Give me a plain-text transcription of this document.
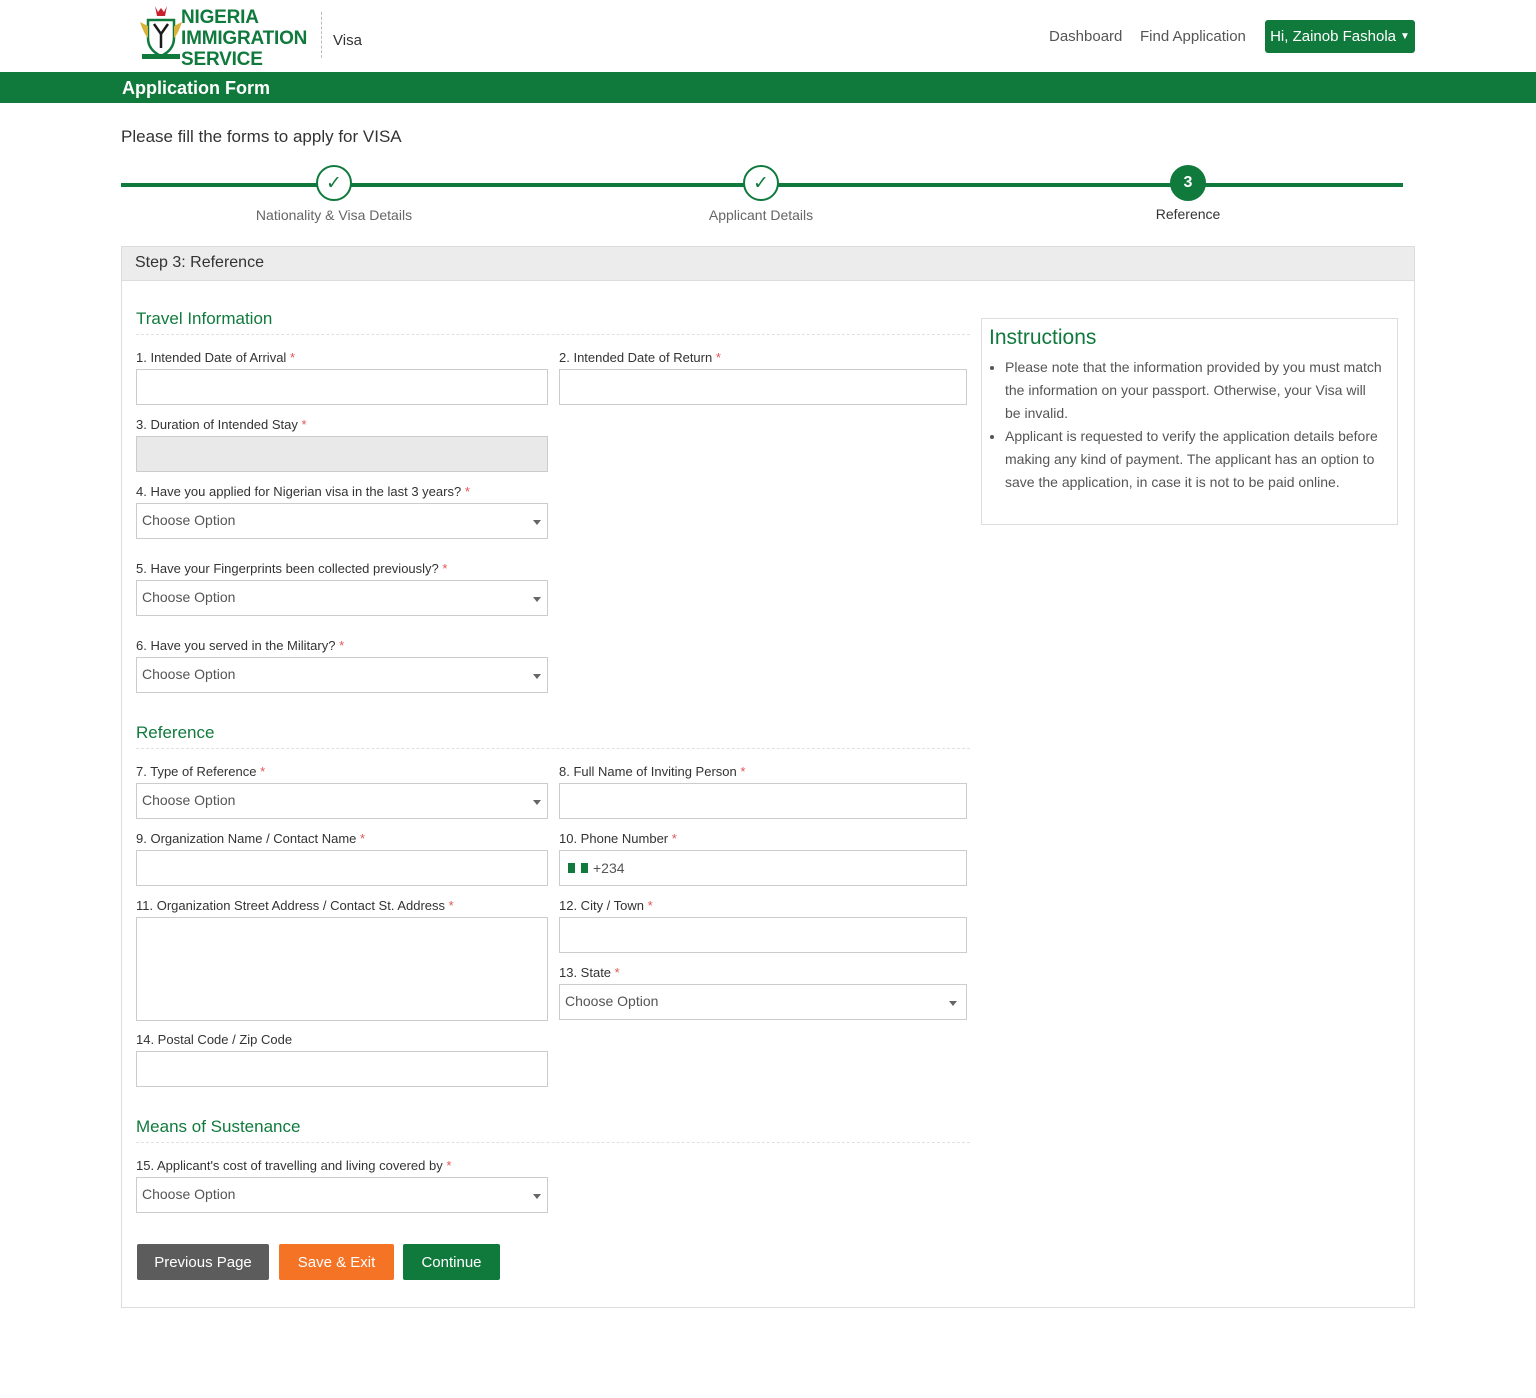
NIGERIA
IMMIGRATION
SERVICE
Visa	Dashboard Find Application Hi, Zainob Fashola ▼
Application Form
Please fill the forms to apply for VISA
✓	✓	3
Nationality & Visa Details	Applicant Details	Reference
Step 3: Reference
Travel Information
1. Intended Date of Arrival *	2. Intended Date of Return *
3. Duration of Intended Stay *
4. Have you applied for Nigerian visa in the last 3 years? *
Choose Option
5. Have your Fingerprints been collected previously? *
Choose Option
6. Have you served in the Military? *
Choose Option
Reference
7. Type of Reference *
Choose Option
8. Full Name of Inviting Person *
9. Organization Name / Contact Name *	10. Phone Number *
+234
11. Organization Street Address / Contact St. Address *	12. City / Town *
13. State *
Choose Option
14. Postal Code / Zip Code
Means of Sustenance
15. Applicant's cost of travelling and living covered by *
Choose Option
Instructions
• Please note that the information provided by you must match the information on your passport. Otherwise, your Visa will be invalid.
• Applicant is requested to verify the application details before making any kind of payment. The applicant has an option to save the application, in case it is not to be paid online.
Previous Page	Save & Exit	Continue
